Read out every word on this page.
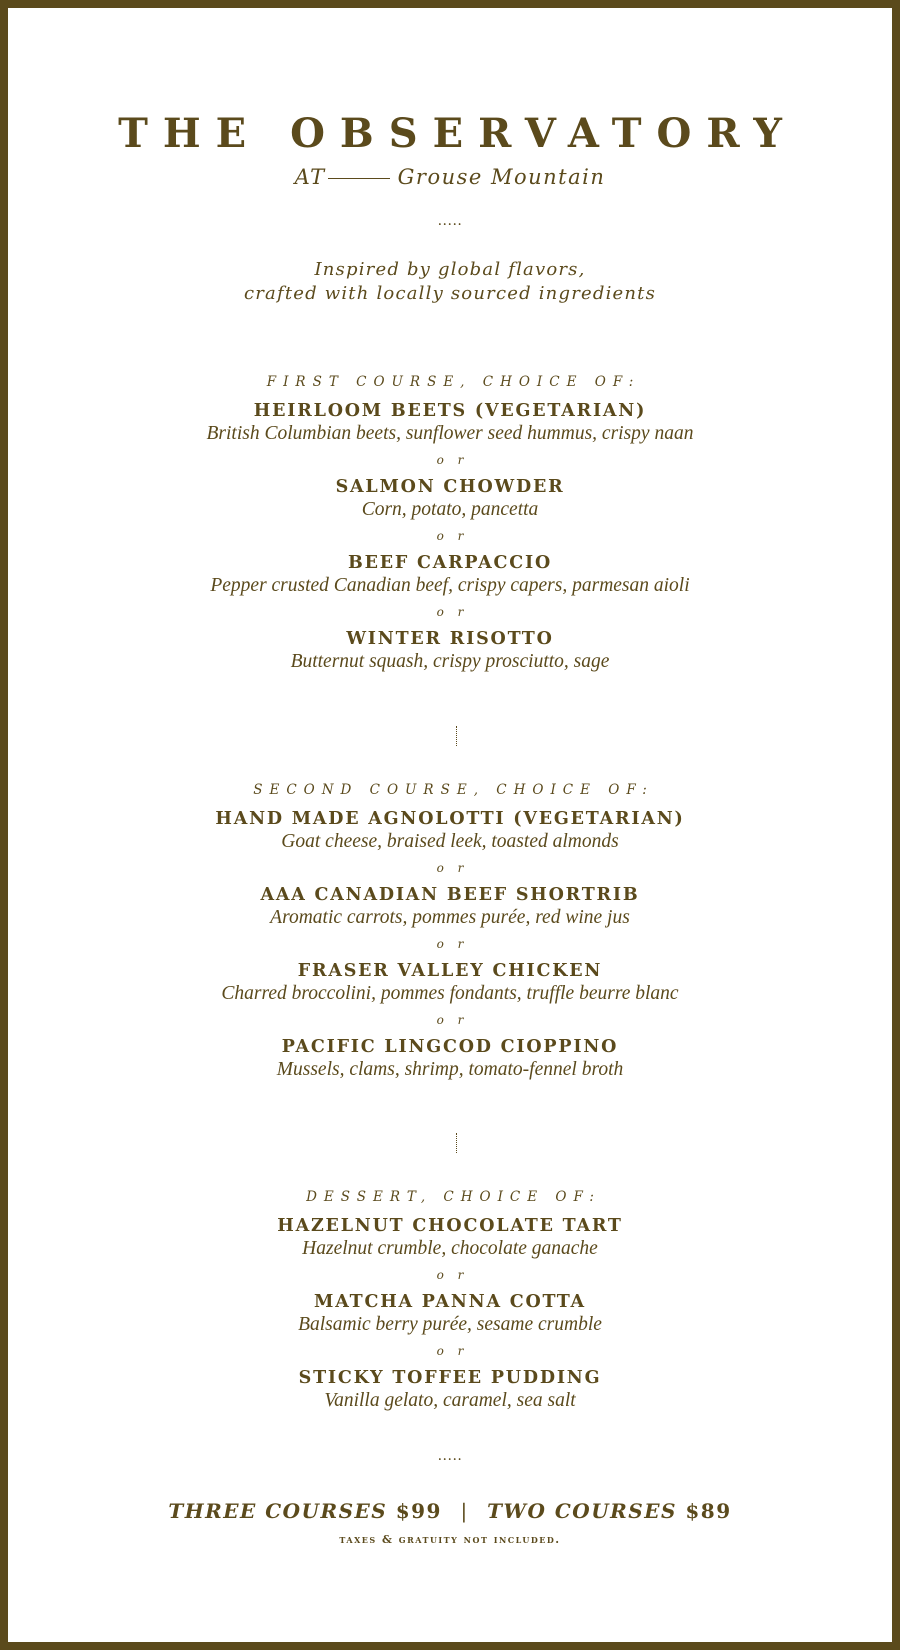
THE OBSERVATORY
AT	Grouse Mountain
.....
Inspired by global flavors,
crafted with locally sourced ingredients
FIRST COURSE, CHOICE OF:
HEIRLOOM BEETS (VEGETARIAN)
British Columbian beets, sunflower seed hummus, crispy naan
o r
SALMON CHOWDER
Corn, potato, pancetta
o r
BEEF CARPACCIO
Pepper crusted Canadian beef, crispy capers, parmesan aioli
o r
WINTER RISOTTO
Butternut squash, crispy prosciutto, sage
SECOND COURSE, CHOICE OF:
HAND MADE AGNOLOTTI (VEGETARIAN)
Goat cheese, braised leek, toasted almonds
o r
AAA CANADIAN BEEF SHORTRIB
Aromatic carrots, pommes purée, red wine jus
o r
FRASER VALLEY CHICKEN
Charred broccolini, pommes fondants, truffle beurre blanc
o r
PACIFIC LINGCOD CIOPPINO
Mussels, clams, shrimp, tomato-fennel broth
DESSERT, CHOICE OF:
HAZELNUT CHOCOLATE TART
Hazelnut crumble, chocolate ganache
o r
MATCHA PANNA COTTA
Balsamic berry purée, sesame crumble
o r
STICKY TOFFEE PUDDING
Vanilla gelato, caramel, sea salt
.....
THREE COURSES $99 | TWO COURSES $89
taxes & gratuity not included.
